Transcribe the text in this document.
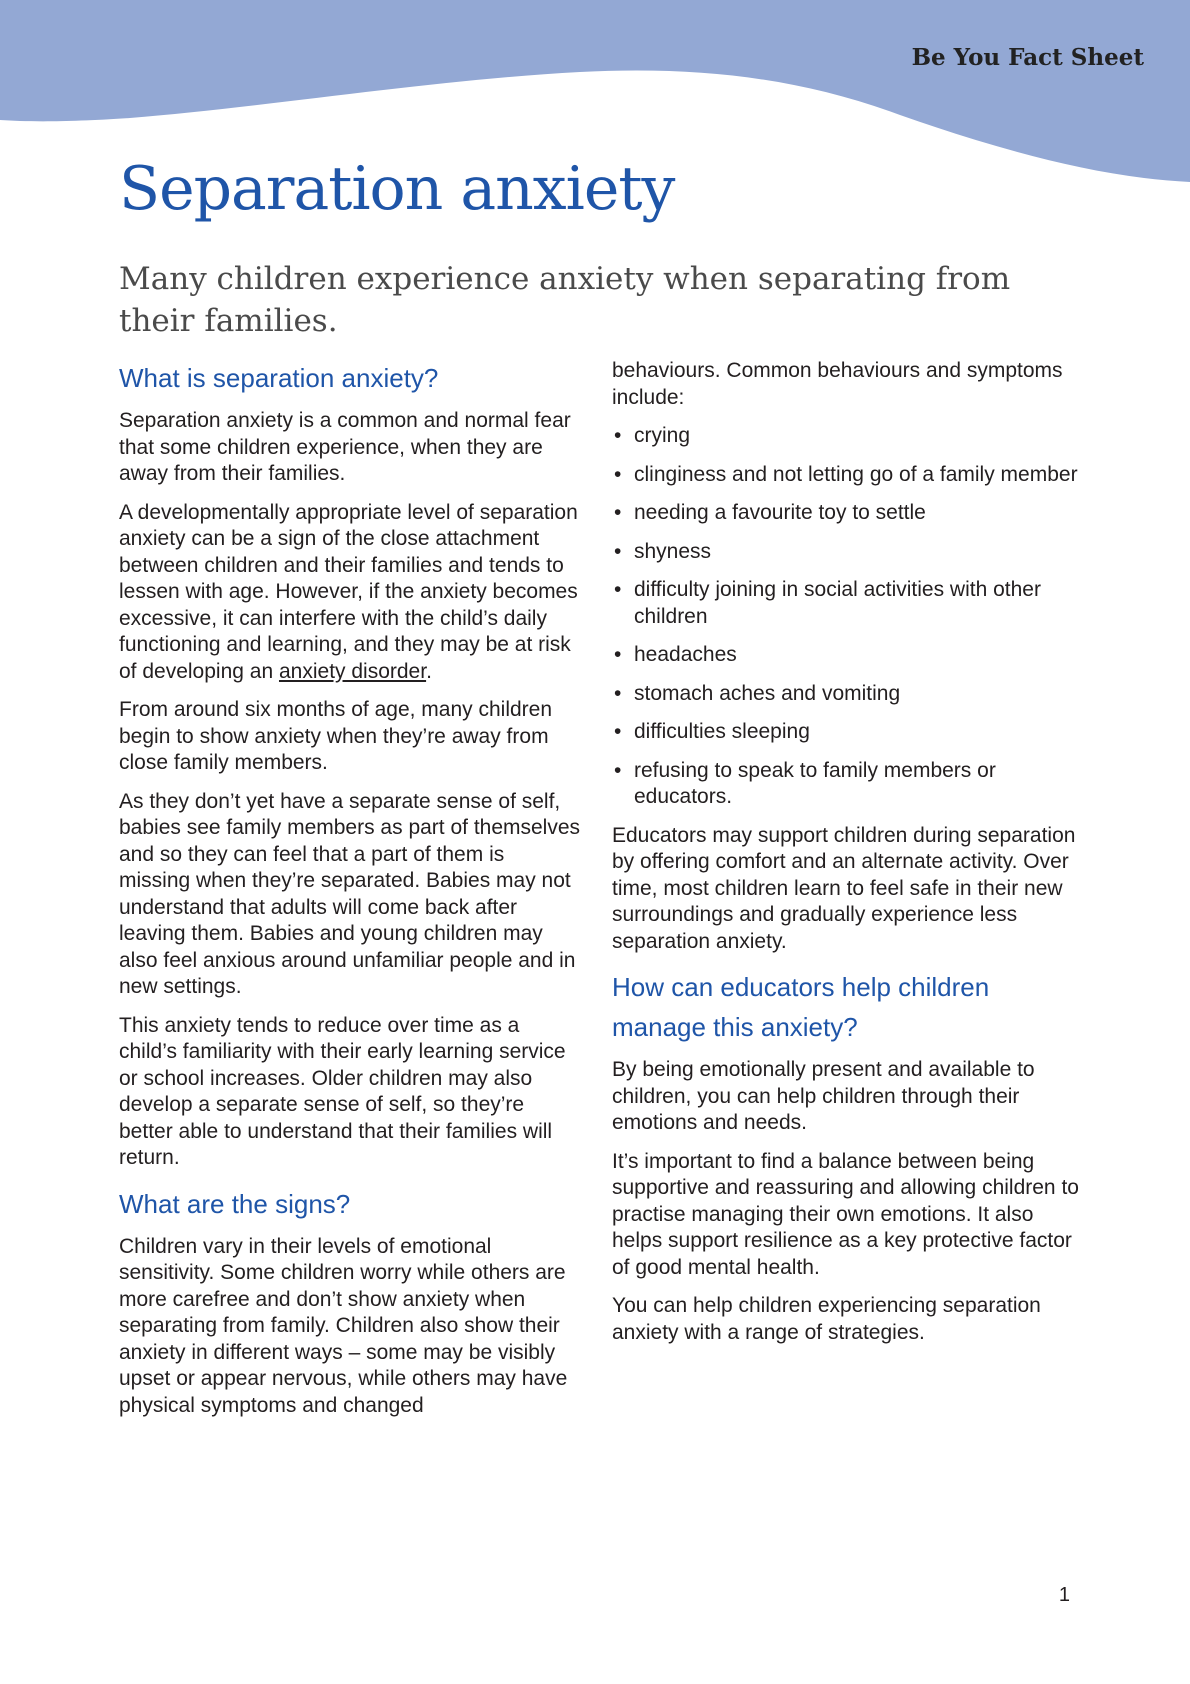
Be You Fact Sheet
Separation anxiety

Many children experience anxiety when separating from their families.

What is separation anxiety?

Separation anxiety is a common and normal fear that some children experience, when they are away from their families.

A developmentally appropriate level of separation anxiety can be a sign of the close attachment between children and their families and tends to lessen with age. However, if the anxiety becomes excessive, it can interfere with the child’s daily functioning and learning, and they may be at risk of developing an anxiety disorder.

From around six months of age, many children begin to show anxiety when they’re away from close family members.

As they don’t yet have a separate sense of self, babies see family members as part of themselves and so they can feel that a part of them is missing when they’re separated. Babies may not understand that adults will come back after leaving them. Babies and young children may also feel anxious around unfamiliar people and in new settings.

This anxiety tends to reduce over time as a child’s familiarity with their early learning service or school increases. Older children may also develop a separate sense of self, so they’re better able to understand that their families will return.

What are the signs?

Children vary in their levels of emotional sensitivity. Some children worry while others are more carefree and don’t show anxiety when separating from family. Children also show their anxiety in different ways – some may be visibly upset or appear nervous, while others may have physical symptoms and changed

behaviours. Common behaviours and symptoms include:

• crying
• clinginess and not letting go of a family member
• needing a favourite toy to settle
• shyness
• difficulty joining in social activities with other children
• headaches
• stomach aches and vomiting
• difficulties sleeping
• refusing to speak to family members or educators.

Educators may support children during separation by offering comfort and an alternate activity. Over time, most children learn to feel safe in their new surroundings and gradually experience less separation anxiety.

How can educators help children manage this anxiety?

By being emotionally present and available to children, you can help children through their emotions and needs.

It’s important to find a balance between being supportive and reassuring and allowing children to practise managing their own emotions. It also helps support resilience as a key protective factor of good mental health.

You can help children experiencing separation anxiety with a range of strategies.

1
